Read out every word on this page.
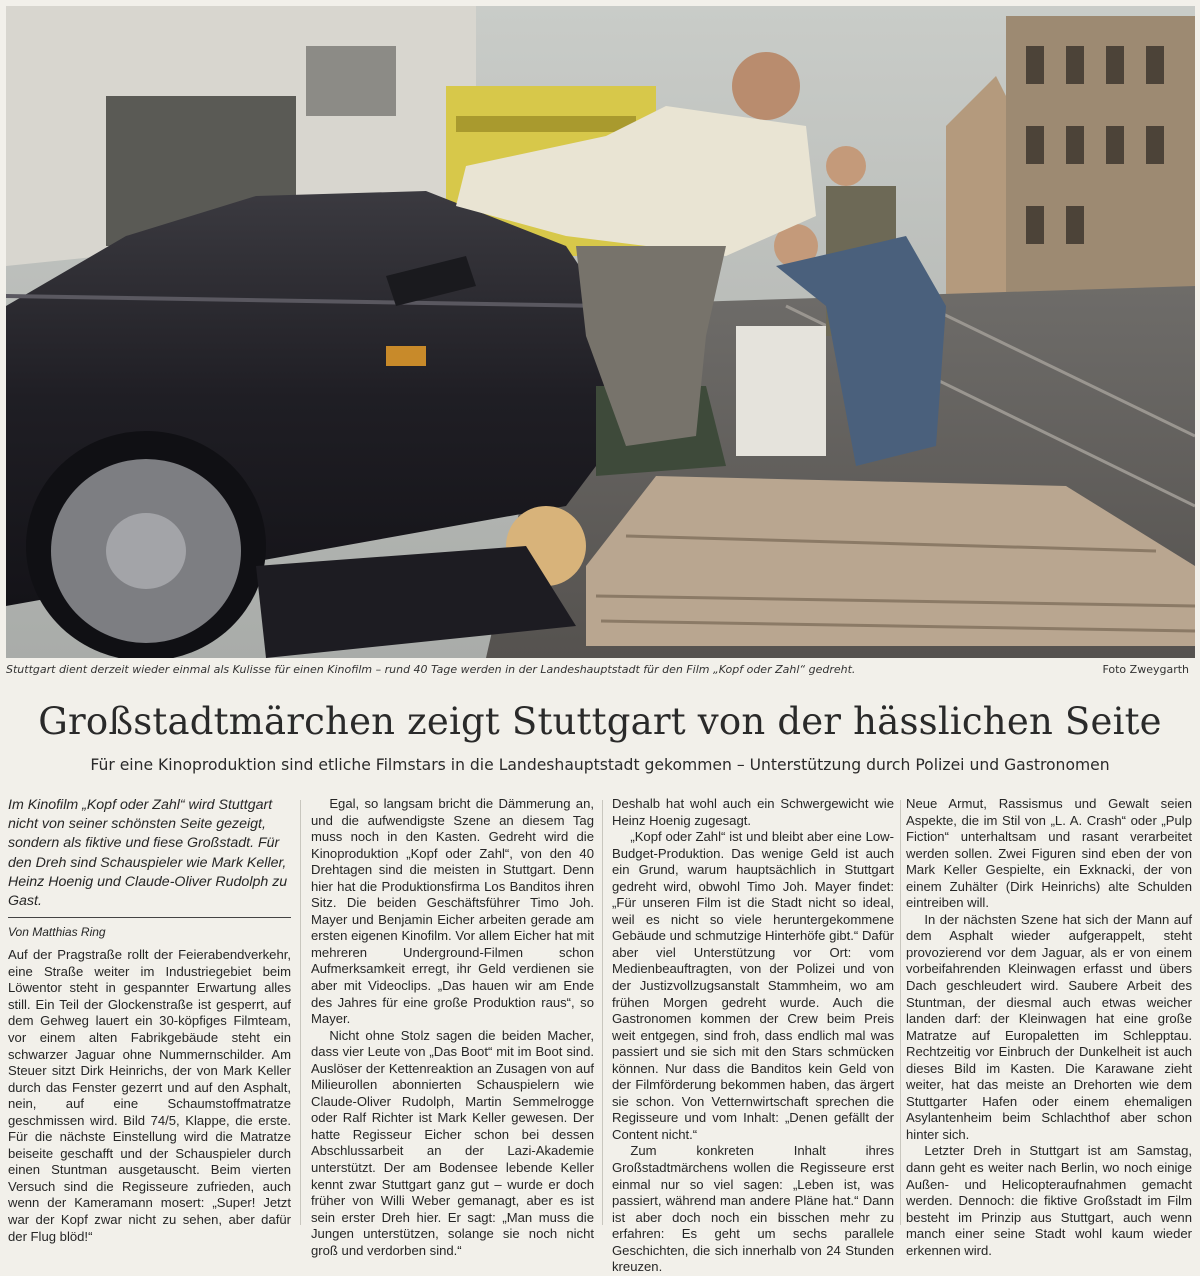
Stuttgart dient derzeit wieder einmal als Kulisse für einen Kinofilm – rund 40 Tage werden in der Landeshauptstadt für den Film „Kopf oder Zahl“ gedreht.	Foto Zweygarth
Großstadtmärchen zeigt Stuttgart von der hässlichen Seite
Für eine Kinoproduktion sind etliche Filmstars in die Landeshauptstadt gekommen – Unterstützung durch Polizei und Gastronomen

Im Kinofilm „Kopf oder Zahl“ wird Stuttgart nicht von seiner schönsten Seite gezeigt, sondern als fiktive und fiese Großstadt. Für den Dreh sind Schauspieler wie Mark Keller, Heinz Hoenig und Claude-Oliver Rudolph zu Gast.

Von Matthias Ring

Auf der Pragstraße rollt der Feierabendverkehr, eine Straße weiter im Industriegebiet beim Löwentor steht in gespannter Erwartung alles still. Ein Teil der Glockenstraße ist gesperrt, auf dem Gehweg lauert ein 30-köpfiges Filmteam, vor einem alten Fabrikgebäude steht ein schwarzer Jaguar ohne Nummernschilder. Am Steuer sitzt Dirk Heinrichs, der von Mark Keller durch das Fenster gezerrt und auf den Asphalt, nein, auf eine Schaumstoffmatratze geschmissen wird. Bild 74/5, Klappe, die erste. Für die nächste Einstellung wird die Matratze beiseite geschafft und der Schauspieler durch einen Stuntman ausgetauscht. Beim vierten Versuch sind die Regisseure zufrieden, auch wenn der Kameramann mosert: „Super! Jetzt war der Kopf zwar nicht zu sehen, aber dafür der Flug blöd!“

Egal, so langsam bricht die Dämmerung an, und die aufwendigste Szene an diesem Tag muss noch in den Kasten. Gedreht wird die Kinoproduktion „Kopf oder Zahl“, von den 40 Drehtagen sind die meisten in Stuttgart. Denn hier hat die Produktionsfirma Los Banditos ihren Sitz. Die beiden Geschäftsführer Timo Joh. Mayer und Benjamin Eicher arbeiten gerade am ersten eigenen Kinofilm. Vor allem Eicher hat mit mehreren Underground-Filmen schon Aufmerksamkeit erregt, ihr Geld verdienen sie aber mit Videoclips. „Das hauen wir am Ende des Jahres für eine große Produktion raus“, so Mayer.

Nicht ohne Stolz sagen die beiden Macher, dass vier Leute von „Das Boot“ mit im Boot sind. Auslöser der Kettenreaktion an Zusagen von auf Milieurollen abonnierten Schauspielern wie Claude-Oliver Rudolph, Martin Semmelrogge oder Ralf Richter ist Mark Keller gewesen. Der hatte Regisseur Eicher schon bei dessen Abschlussarbeit an der Lazi-Akademie unterstützt. Der am Bodensee lebende Keller kennt zwar Stuttgart ganz gut – wurde er doch früher von Willi Weber gemanagt, aber es ist sein erster Dreh hier. Er sagt: „Man muss die Jungen unterstützen, solange sie noch nicht groß und verdorben sind.“

Deshalb hat wohl auch ein Schwergewicht wie Heinz Hoenig zugesagt.

„Kopf oder Zahl“ ist und bleibt aber eine Low-Budget-Produktion. Das wenige Geld ist auch ein Grund, warum hauptsächlich in Stuttgart gedreht wird, obwohl Timo Joh. Mayer findet: „Für unseren Film ist die Stadt nicht so ideal, weil es nicht so viele heruntergekommene Gebäude und schmutzige Hinterhöfe gibt.“ Dafür aber viel Unterstützung vor Ort: vom Medienbeauftragten, von der Polizei und von der Justizvollzugsanstalt Stammheim, wo am frühen Morgen gedreht wurde. Auch die Gastronomen kommen der Crew beim Preis weit entgegen, sind froh, dass endlich mal was passiert und sie sich mit den Stars schmücken können. Nur dass die Banditos kein Geld von der Filmförderung bekommen haben, das ärgert sie schon. Von Vetternwirtschaft sprechen die Regisseure und vom Inhalt: „Denen gefällt der Content nicht.“

Zum konkreten Inhalt ihres Großstadtmärchens wollen die Regisseure erst einmal nur so viel sagen: „Leben ist, was passiert, während man andere Pläne hat.“ Dann ist aber doch noch ein bisschen mehr zu erfahren: Es geht um sechs parallele Geschichten, die sich innerhalb von 24 Stunden kreuzen.

Neue Armut, Rassismus und Gewalt seien Aspekte, die im Stil von „L. A. Crash“ oder „Pulp Fiction“ unterhaltsam und rasant verarbeitet werden sollen. Zwei Figuren sind eben der von Mark Keller Gespielte, ein Exknacki, der von einem Zuhälter (Dirk Heinrichs) alte Schulden eintreiben will.

In der nächsten Szene hat sich der Mann auf dem Asphalt wieder aufgerappelt, steht provozierend vor dem Jaguar, als er von einem vorbeifahrenden Kleinwagen erfasst und übers Dach geschleudert wird. Saubere Arbeit des Stuntman, der diesmal auch etwas weicher landen darf: der Kleinwagen hat eine große Matratze auf Europaletten im Schlepptau. Rechtzeitig vor Einbruch der Dunkelheit ist auch dieses Bild im Kasten. Die Karawane zieht weiter, hat das meiste an Drehorten wie dem Stuttgarter Hafen oder einem ehemaligen Asylantenheim beim Schlachthof aber schon hinter sich.

Letzter Dreh in Stuttgart ist am Samstag, dann geht es weiter nach Berlin, wo noch einige Außen- und Helicopteraufnahmen gemacht werden. Dennoch: die fiktive Großstadt im Film besteht im Prinzip aus Stuttgart, auch wenn manch einer seine Stadt wohl kaum wieder erkennen wird.
